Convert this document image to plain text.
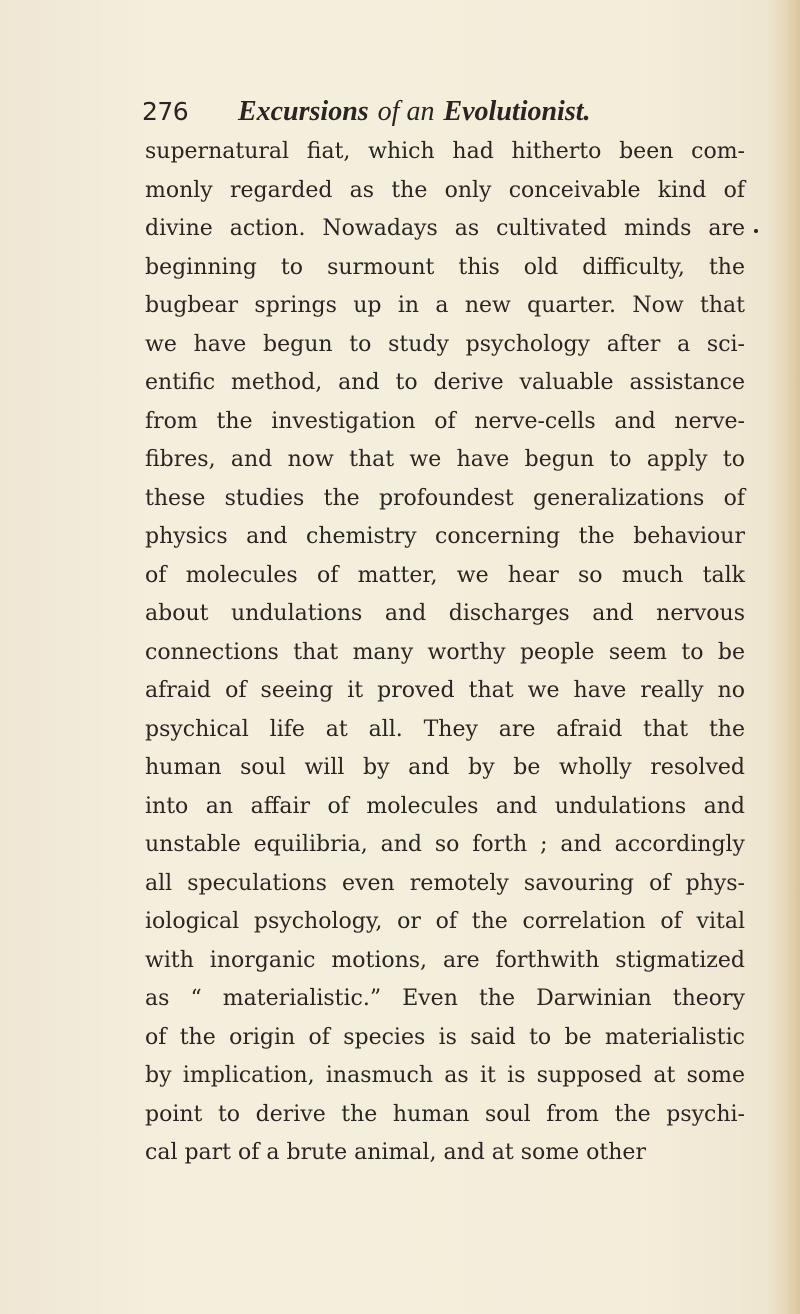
276 Excursions of an Evolutionist.
supernatural fiat, which had hitherto been com-
monly regarded as the only conceivable kind of
divine action. Nowadays as cultivated minds are
beginning to surmount this old difficulty, the
bugbear springs up in a new quarter. Now that
we have begun to study psychology after a sci-
entific method, and to derive valuable assistance
from the investigation of nerve-cells and nerve-
fibres, and now that we have begun to apply to
these studies the profoundest generalizations of
physics and chemistry concerning the behaviour
of molecules of matter, we hear so much talk
about undulations and discharges and nervous
connections that many worthy people seem to be
afraid of seeing it proved that we have really no
psychical life at all. They are afraid that the
human soul will by and by be wholly resolved
into an affair of molecules and undulations and
unstable equilibria, and so forth ; and accordingly
all speculations even remotely savouring of phys-
iological psychology, or of the correlation of vital
with inorganic motions, are forthwith stigmatized
as “ materialistic.” Even the Darwinian theory
of the origin of species is said to be materialistic
by implication, inasmuch as it is supposed at some
point to derive the human soul from the psychi-
cal part of a brute animal, and at some other
